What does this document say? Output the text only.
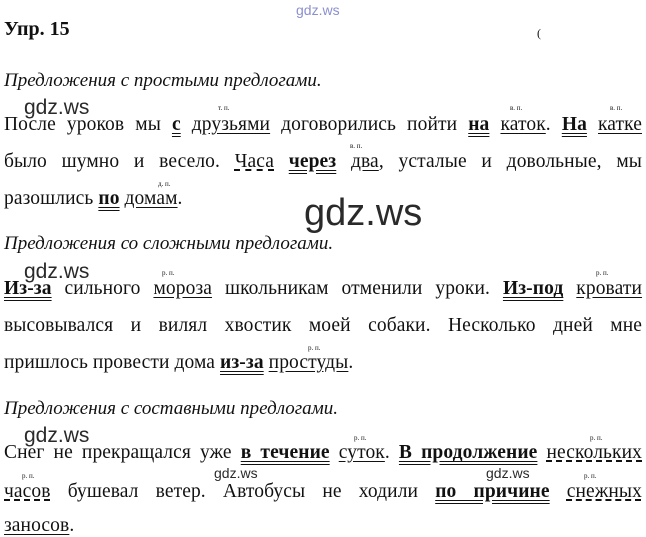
gdz.ws
gdz.ws
gdz.ws
gdz.ws
gdz.ws
gdz.ws	gdz.ws
Упр. 15	(
Предложения с простыми предлогами.
т. п.	в. п.	в. п.
После уроков мы с друзьями договорились пойти на каток. На катке
в. п.
было шумно и весело. Часа через два, усталые и довольные, мы
д. п.
разошлись по домам.
Предложения со сложными предлогами.
р. п.	р. п.
Из-за сильного мороза школьникам отменили уроки. Из-под кровати
высовывался и вилял хвостик моей собаки. Несколько дней мне
р. п.
пришлось провести дома из-за простуды.
Предложения с составными предлогами.
р. п.	р. п.
Снег не прекращался уже в течение суток. В продолжение нескольких
р. п.	р. п.
часов бушевал ветер. Автобусы не ходили по причине снежных
заносов.
